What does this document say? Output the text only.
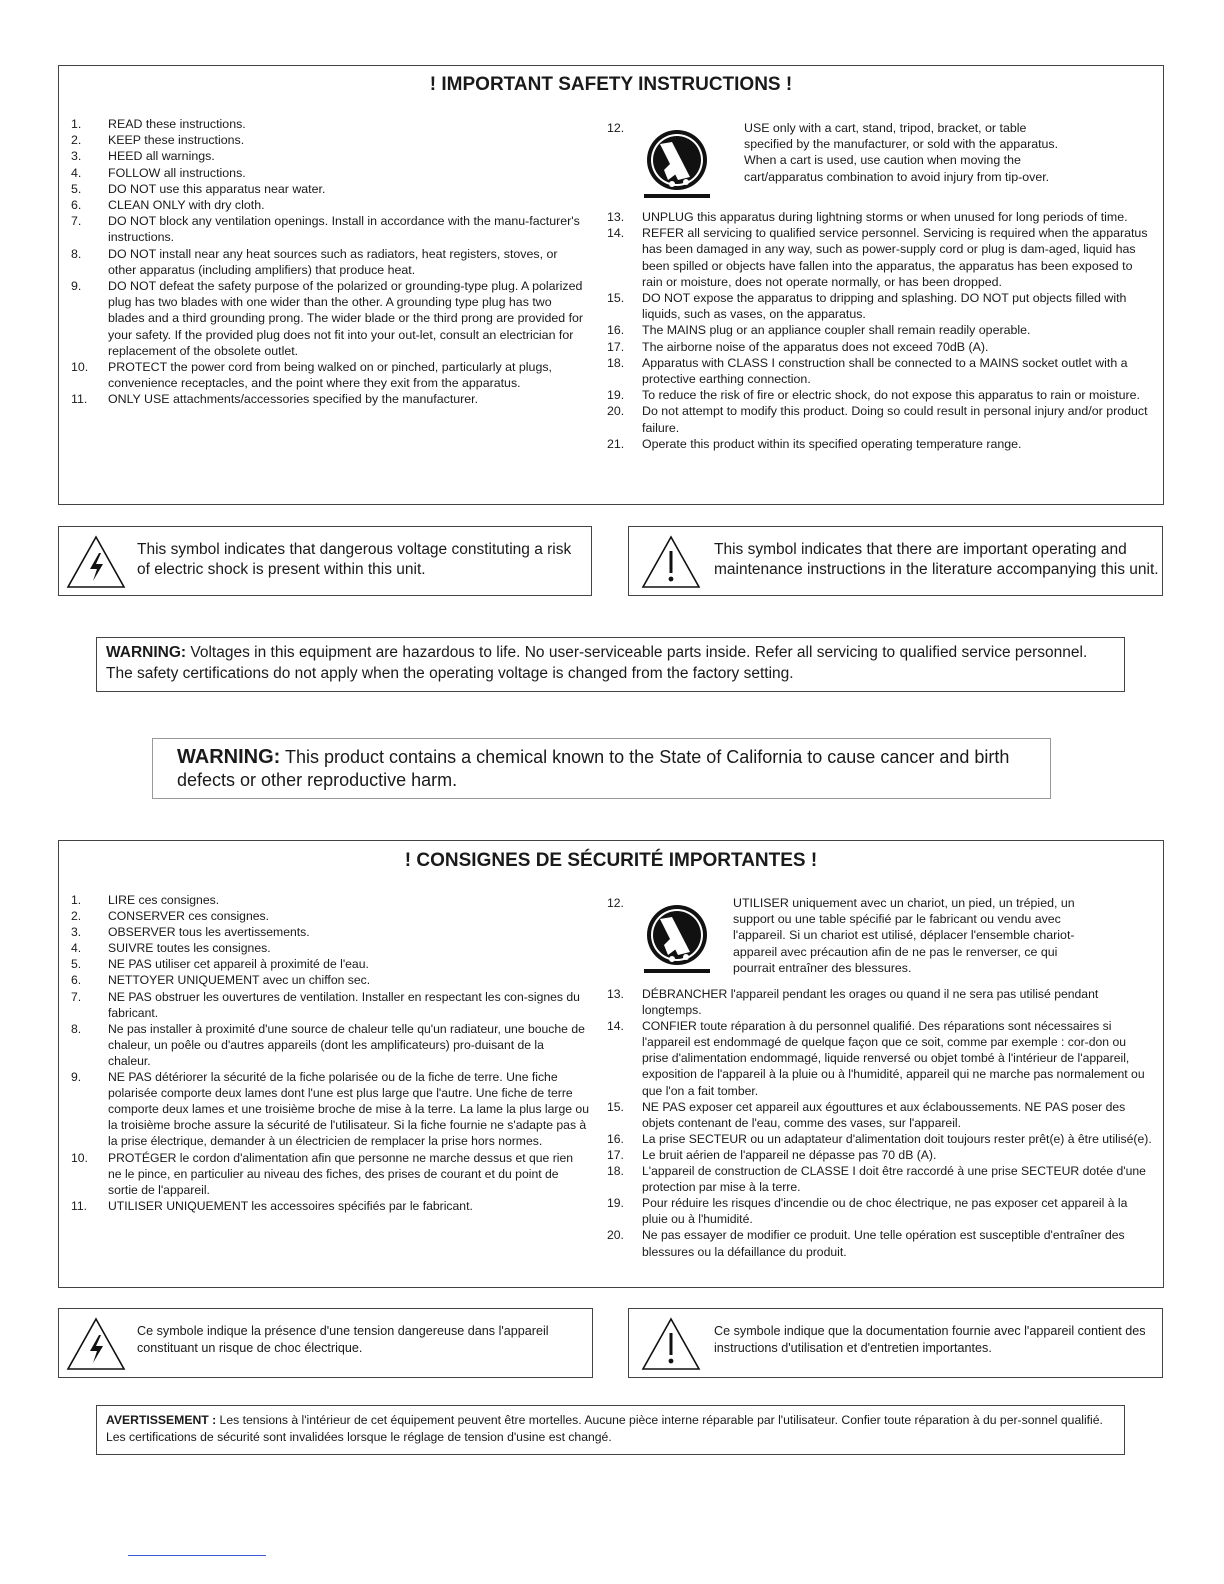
! IMPORTANT SAFETY INSTRUCTIONS !
1. READ these instructions.
2. KEEP these instructions.
3. HEED all warnings.
4. FOLLOW all instructions.
5. DO NOT use this apparatus near water.
6. CLEAN ONLY with dry cloth.
7. DO NOT block any ventilation openings. Install in accordance with the manu-facturer's instructions.
8. DO NOT install near any heat sources such as radiators, heat registers, stoves, or other apparatus (including amplifiers) that produce heat.
9. DO NOT defeat the safety purpose of the polarized or grounding-type plug. A polarized plug has two blades with one wider than the other. A grounding type plug has two blades and a third grounding prong. The wider blade or the third prong are provided for your safety. If the provided plug does not fit into your out-let, consult an electrician for replacement of the obsolete outlet.
10. PROTECT the power cord from being walked on or pinched, particularly at plugs, convenience receptacles, and the point where they exit from the apparatus.
11. ONLY USE attachments/accessories specified by the manufacturer.
12.	USE only with a cart, stand, tripod, bracket, or table specified by the manufacturer, or sold with the apparatus. When a cart is used, use caution when moving the cart/apparatus combination to avoid injury from tip-over.
13. UNPLUG this apparatus during lightning storms or when unused for long periods of time.
14. REFER all servicing to qualified service personnel. Servicing is required when the apparatus has been damaged in any way, such as power-supply cord or plug is dam-aged, liquid has been spilled or objects have fallen into the apparatus, the apparatus has been exposed to rain or moisture, does not operate normally, or has been dropped.
15. DO NOT expose the apparatus to dripping and splashing. DO NOT put objects filled with liquids, such as vases, on the apparatus.
16. The MAINS plug or an appliance coupler shall remain readily operable.
17. The airborne noise of the apparatus does not exceed 70dB (A).
18. Apparatus with CLASS I construction shall be connected to a MAINS socket outlet with a protective earthing connection.
19. To reduce the risk of fire or electric shock, do not expose this apparatus to rain or moisture.
20. Do not attempt to modify this product. Doing so could result in personal injury and/or product failure.
21. Operate this product within its specified operating temperature range.
This symbol indicates that dangerous voltage constituting a risk of electric shock is present within this unit.
This symbol indicates that there are important operating and maintenance instructions in the literature accompanying this unit.
WARNING: Voltages in this equipment are hazardous to life. No user-serviceable parts inside. Refer all servicing to qualified service personnel. The safety certifications do not apply when the operating voltage is changed from the factory setting.
WARNING: This product contains a chemical known to the State of California to cause cancer and birth defects or other reproductive harm.
! CONSIGNES DE SÉCURITÉ IMPORTANTES !
1. LIRE ces consignes.
2. CONSERVER ces consignes.
3. OBSERVER tous les avertissements.
4. SUIVRE toutes les consignes.
5. NE PAS utiliser cet appareil à proximité de l'eau.
6. NETTOYER UNIQUEMENT avec un chiffon sec.
7. NE PAS obstruer les ouvertures de ventilation. Installer en respectant les con-signes du fabricant.
8. Ne pas installer à proximité d'une source de chaleur telle qu'un radiateur, une bouche de chaleur, un poêle ou d'autres appareils (dont les amplificateurs) pro-duisant de la chaleur.
9. NE PAS détériorer la sécurité de la fiche polarisée ou de la fiche de terre. Une fiche polarisée comporte deux lames dont l'une est plus large que l'autre. Une fiche de terre comporte deux lames et une troisième broche de mise à la terre. La lame la plus large ou la troisième broche assure la sécurité de l'utilisateur. Si la fiche fournie ne s'adapte pas à la prise électrique, demander à un électricien de remplacer la prise hors normes.
10. PROTÉGER le cordon d'alimentation afin que personne ne marche dessus et que rien ne le pince, en particulier au niveau des fiches, des prises de courant et du point de sortie de l'appareil.
11. UTILISER UNIQUEMENT les accessoires spécifiés par le fabricant.
12.	UTILISER uniquement avec un chariot, un pied, un trépied, un support ou une table spécifié par le fabricant ou vendu avec l'appareil. Si un chariot est utilisé, déplacer l'ensemble chariot-appareil avec précaution afin de ne pas le renverser, ce qui pourrait entraîner des blessures.
13. DÉBRANCHER l'appareil pendant les orages ou quand il ne sera pas utilisé pendant longtemps.
14. CONFIER toute réparation à du personnel qualifié. Des réparations sont nécessaires si l'appareil est endommagé de quelque façon que ce soit, comme par exemple : cor-don ou prise d'alimentation endommagé, liquide renversé ou objet tombé à l'intérieur de l'appareil, exposition de l'appareil à la pluie ou à l'humidité, appareil qui ne marche pas normalement ou que l'on a fait tomber.
15. NE PAS exposer cet appareil aux égouttures et aux éclaboussements. NE PAS poser des objets contenant de l'eau, comme des vases, sur l'appareil.
16. La prise SECTEUR ou un adaptateur d'alimentation doit toujours rester prêt(e) à être utilisé(e).
17. Le bruit aérien de l'appareil ne dépasse pas 70 dB (A).
18. L'appareil de construction de CLASSE I doit être raccordé à une prise SECTEUR dotée d'une protection par mise à la terre.
19. Pour réduire les risques d'incendie ou de choc électrique, ne pas exposer cet appareil à la pluie ou à l'humidité.
20. Ne pas essayer de modifier ce produit. Une telle opération est susceptible d'entraîner des blessures ou la défaillance du produit.
Ce symbole indique la présence d'une tension dangereuse dans l'appareil constituant un risque de choc électrique.
Ce symbole indique que la documentation fournie avec l'appareil contient des instructions d'utilisation et d'entretien importantes.
AVERTISSEMENT : Les tensions à l'intérieur de cet équipement peuvent être mortelles. Aucune pièce interne réparable par l'utilisateur. Confier toute réparation à du per-sonnel qualifié. Les certifications de sécurité sont invalidées lorsque le réglage de tension d'usine est changé.
